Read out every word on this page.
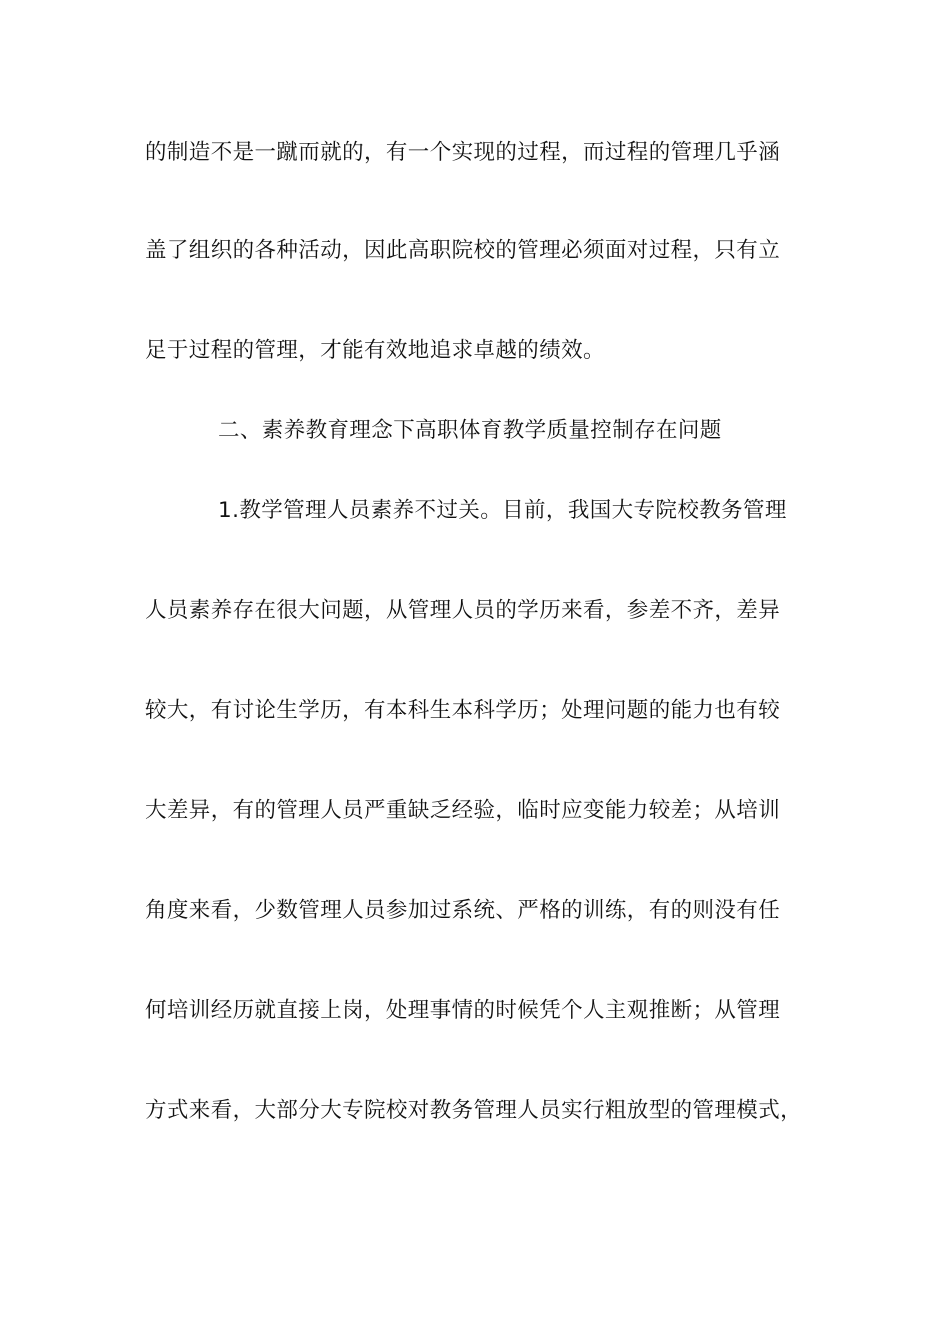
的制造不是一蹴而就的，有一个实现的过程，而过程的管理几乎涵
盖了组织的各种活动，因此高职院校的管理必须面对过程，只有立
足于过程的管理，才能有效地追求卓越的绩效。
二、素养教育理念下高职体育教学质量控制存在问题
1.教学管理人员素养不过关。目前，我国大专院校教务管理
人员素养存在很大问题，从管理人员的学历来看，参差不齐，差异
较大，有讨论生学历，有本科生本科学历；处理问题的能力也有较
大差异，有的管理人员严重缺乏经验，临时应变能力较差；从培训
角度来看，少数管理人员参加过系统、严格的训练，有的则没有任
何培训经历就直接上岗，处理事情的时候凭个人主观推断；从管理
方式来看，大部分大专院校对教务管理人员实行粗放型的管理模式，
